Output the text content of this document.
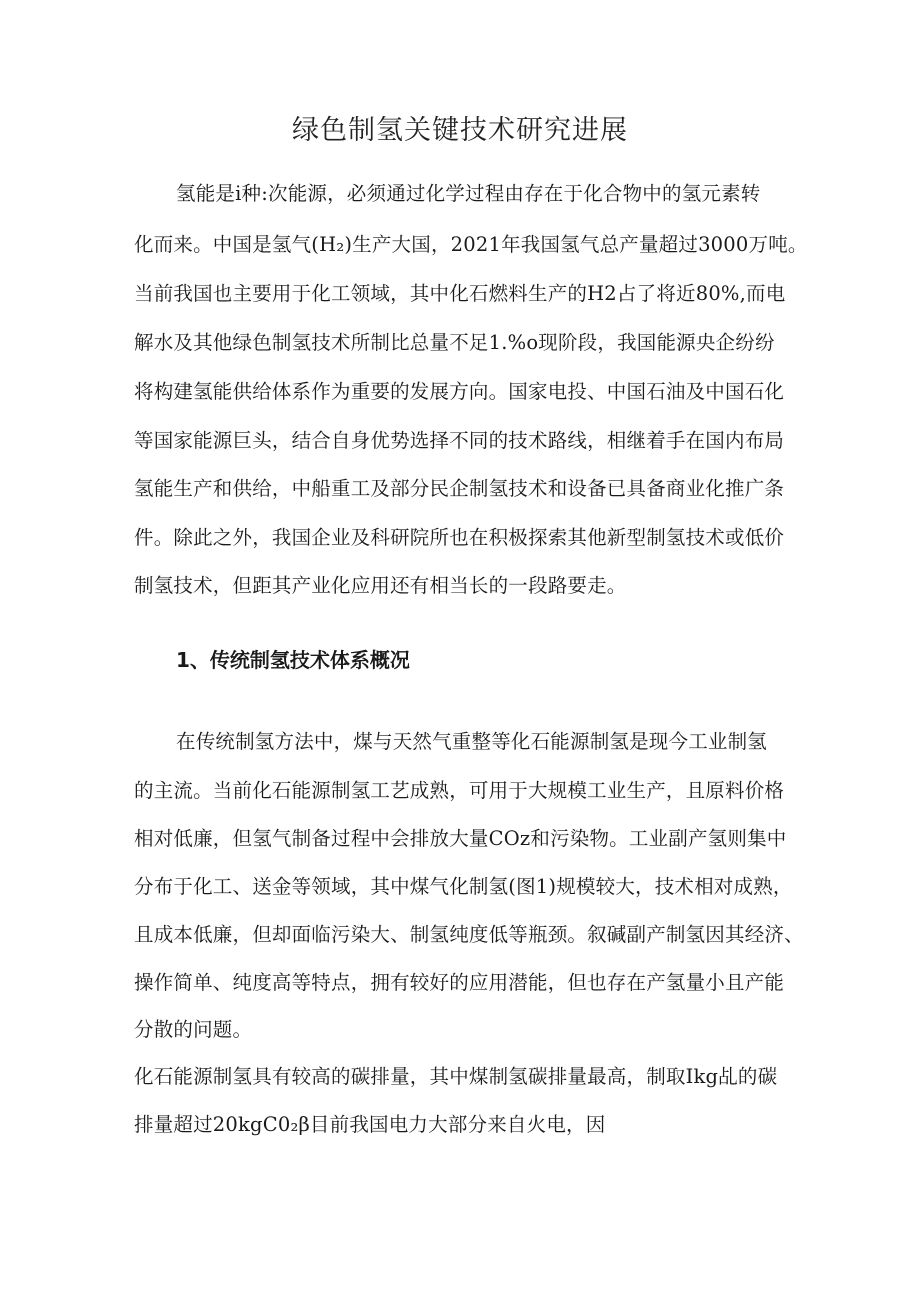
绿色制氢关键技术研究进展
氢能是i种:次能源，必须通过化学过程由存在于化合物中的氢元素转
化而来。中国是氢气(H₂)生产大国，2021年我国氢气总产量超过3000万吨。
当前我国也主要用于化工领域，其中化石燃料生产的H2占了将近80%,而电
解水及其他绿色制氢技术所制比总量不足1.%o现阶段，我国能源央企纷纷
将构建氢能供给体系作为重要的发展方向。国家电投、中国石油及中国石化
等国家能源巨头，结合自身优势选择不同的技术路线，相继着手在国内布局
氢能生产和供给，中船重工及部分民企制氢技术和设备已具备商业化推广条
件。除此之外，我国企业及科研院所也在积极探索其他新型制氢技术或低价
制氢技术，但距其产业化应用还有相当长的一段路要走。
1、传统制氢技术体系概况
在传统制氢方法中，煤与天然气重整等化石能源制氢是现今工业制氢
的主流。当前化石能源制氢工艺成熟，可用于大规模工业生产，且原料价格
相对低廉，但氢气制备过程中会排放大量COz和污染物。工业副产氢则集中
分布于化工、送金等领域，其中煤气化制氢(图1)规模较大，技术相对成熟，
且成本低廉，但却面临污染大、制氢纯度低等瓶颈。叙碱副产制氢因其经济、
操作简单、纯度高等特点，拥有较好的应用潜能，但也存在产氢量小且产能
分散的问题。
化石能源制氢具有较高的碳排量，其中煤制氢碳排量最高，制取Ikg乩的碳
排量超过20kgC0₂β目前我国电力大部分来自火电，因
